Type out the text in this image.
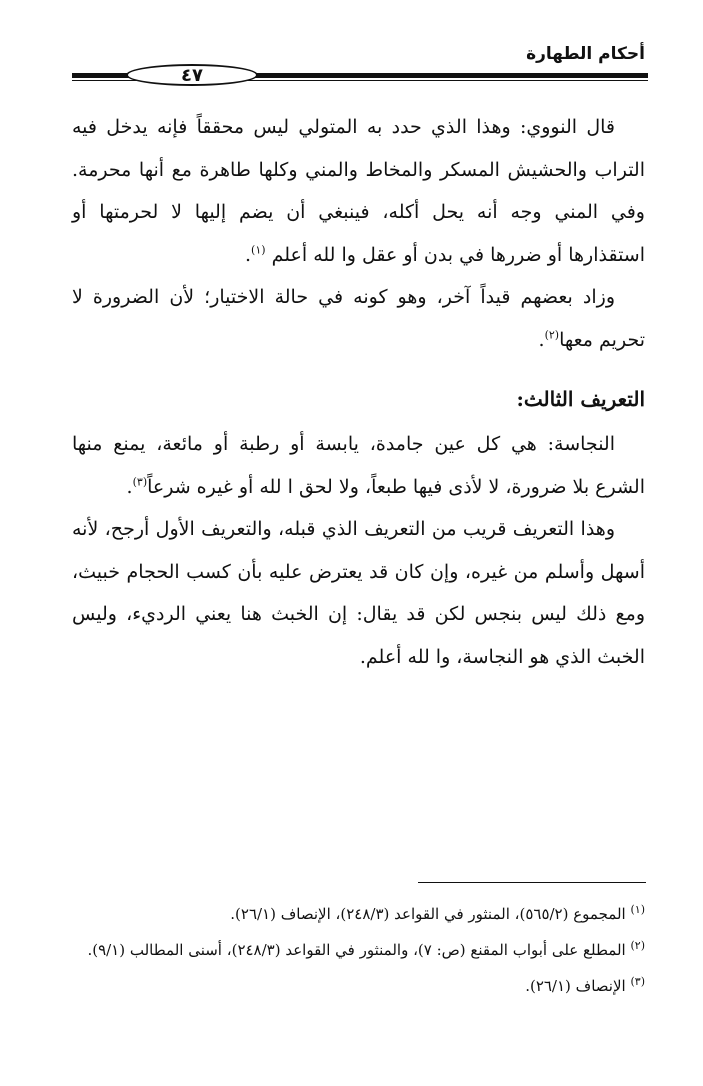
أحكام الطهارة
٤٧

قال النووي: وهذا الذي حدد به المتولي ليس محققاً فإنه يدخل فيه التراب والحشيش المسكر والمخاط والمني وكلها طاهرة مع أنها محرمة. وفي المني وجه أنه يحل أكله، فينبغي أن يضم إليها لا لحرمتها أو استقذارها أو ضررها في بدن أو عقل وا لله أعلم $^{(١)}$.

وزاد بعضهم قيداً آخر، وهو كونه في حالة الاختيار؛ لأن الضرورة لا تحريم معها$^{(٢)}$.

التعريف الثالث:

النجاسة: هي كل عين جامدة، يابسة أو رطبة أو مائعة، يمنع منها الشرع بلا ضرورة، لا لأذى فيها طبعاً، ولا لحق ا لله أو غيره شرعاً$^{(٣)}$.

وهذا التعريف قريب من التعريف الذي قبله، والتعريف الأول أرجح، لأنه أسهل وأسلم من غيره، وإن كان قد يعترض عليه بأن كسب الحجام خبيث، ومع ذلك ليس بنجس لكن قد يقال: إن الخبث هنا يعني الرديء، وليس الخبث الذي هو النجاسة، وا لله أعلم.

$^{(١)}$ المجموع (٥٦٥/٢)، المنثور في القواعد (٢٤٨/٣)، الإنصاف (٢٦/١).

$^{(٢)}$ المطلع على أبواب المقنع (ص: ٧)، والمنثور في القواعد (٢٤٨/٣)، أسنى المطالب (٩/١).

$^{(٣)}$ الإنصاف (٢٦/١).
